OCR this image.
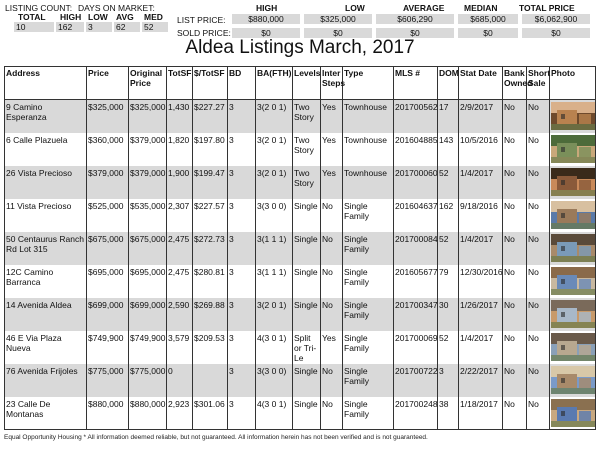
LISTING COUNT: DAYS ON MARKET:
TOTAL HIGH LOW AVG MED
10	162	3	62	52
HIGH	LOW	AVERAGE MEDIAN	TOTAL PRICE
LIST PRICE:
SOLD PRICE:
$880,000	$325,000	$606,290	$685,000	$6,062,900
$0	$0	$0	$0	$0
Aldea Listings March, 2017
Address	Price	Original Price	TotSF	$/TotSF	BD	BA(FTH)	Levels	Inter Steps	Type	MLS #	DOM	Stat Date	Bank Owned	Short Sale	Photo
9 Camino Esperanza	$325,000	$325,000	1,430	$227.27	3	3(2 0 1)	Two Story	Yes	Townhouse	201700562	17	2/9/2017	No	No	

6 Calle Plazuela	$360,000	$379,000	1,820	$197.80	3	3(2 0 1)	Two Story	Yes	Townhouse	201604885	143	10/5/2016	No	No	

26 Vista Precioso	$379,000	$379,000	1,900	$199.47	3	3(2 0 1)	Two Story	Yes	Townhouse	201700060	52	1/4/2017	No	No	

11 Vista Precioso	$525,000	$535,000	2,307	$227.57	3	3(3 0 0)	Single	No	Single Family	201604637	162	9/18/2016	No	No	

50 Centaurus Ranch Rd Lot 315	$675,000	$675,000	2,475	$272.73	3	3(1 1 1)	Single	No	Single Family	201700084	52	1/4/2017	No	No	

12C Camino Barranca	$695,000	$695,000	2,475	$280.81	3	3(1 1 1)	Single	No	Single Family	201605677	79	12/30/2016	No	No	

14 Avenida Aldea	$699,000	$699,000	2,590	$269.88	3	3(2 0 1)	Single	No	Single Family	201700347	30	1/26/2017	No	No	

46 E Via Plaza Nueva	$749,900	$749,900	3,579	$209.53	3	4(3 0 1)	Split or Tri-Le	Yes	Single Family	201700069	52	1/4/2017	No	No	

76 Avenida Frijoles	$775,000	$775,000	0		3	3(3 0 0)	Single	No	Single Family	201700722	3	2/22/2017	No	No	

23 Calle De Montanas	$880,000	$880,000	2,923	$301.06	3	4(3 0 1)	Single	No	Single Family	201700248	38	1/18/2017	No	No	
Equal Opportunity Housing * All information deemed reliable, but not guaranteed. All information herein has not been verified and is not guaranteed.
